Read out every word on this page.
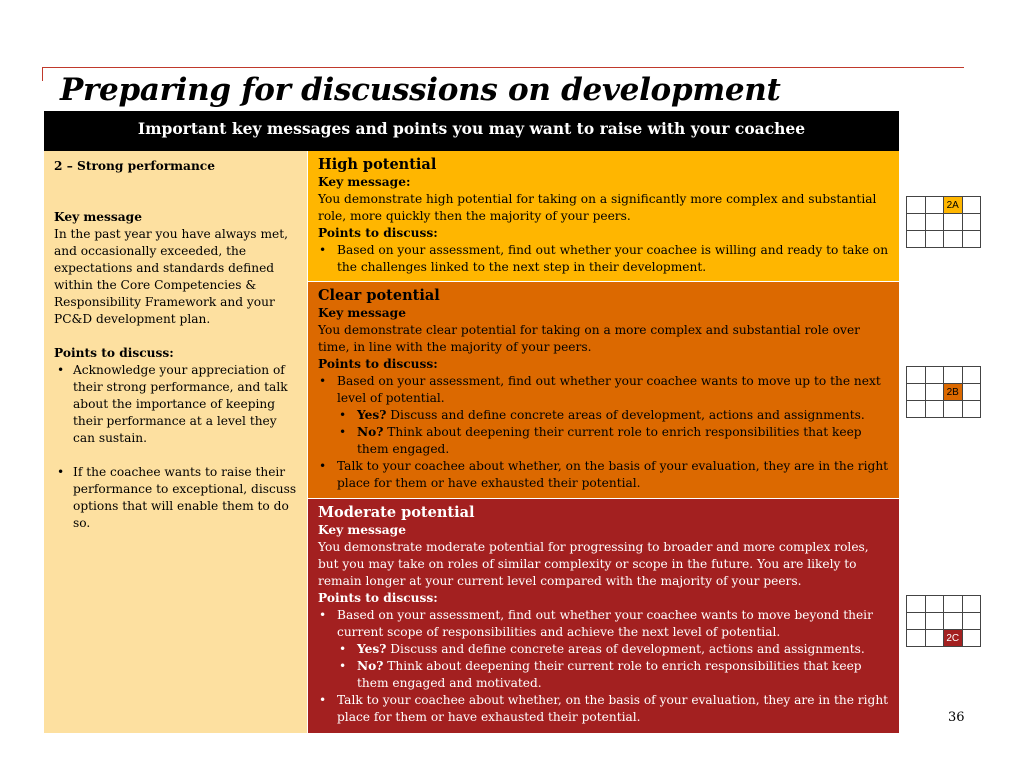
Preparing for discussions on development
Important key messages and points you may want to raise with your coachee
2 – Strong performance
Key message
In the past year you have always met, and occasionally exceeded, the expectations and standards defined within the Core Competencies & Responsibility Framework and your PC&D development plan.
Points to discuss:
• Acknowledge your appreciation of their strong performance, and talk about the importance of keeping their performance at a level they can sustain.
• If the coachee wants to raise their performance to exceptional, discuss options that will enable them to do so.
High potential
Key message:
You demonstrate high potential for taking on a significantly more complex and substantial role, more quickly then the majority of your peers.
Points to discuss:
• Based on your assessment, find out whether your coachee is willing and ready to take on the challenges linked to the next step in their development.
Clear potential
Key message
You demonstrate clear potential for taking on a more complex and substantial role over time, in line with the majority of your peers.
Points to discuss:
• Based on your assessment, find out whether your coachee wants to move up to the next level of potential.
• Yes? Discuss and define concrete areas of development, actions and assignments.
• No? Think about deepening their current role to enrich responsibilities that keep them engaged.
• Talk to your coachee about whether, on the basis of your evaluation, they are in the right place for them or have exhausted their potential.
Moderate potential
Key message
You demonstrate moderate potential for progressing to broader and more complex roles, but you may take on roles of similar complexity or scope in the future. You are likely to remain longer at your current level compared with the majority of your peers.
Points to discuss:
• Based on your assessment, find out whether your coachee wants to move beyond their current scope of responsibilities and achieve the next level of potential.
• Yes? Discuss and define concrete areas of development, actions and assignments.
• No? Think about deepening their current role to enrich responsibilities that keep them engaged and motivated.
• Talk to your coachee about whether, on the basis of your evaluation, they are in the right place for them or have exhausted their potential.
		2A	

		2B	

		2C	
36
